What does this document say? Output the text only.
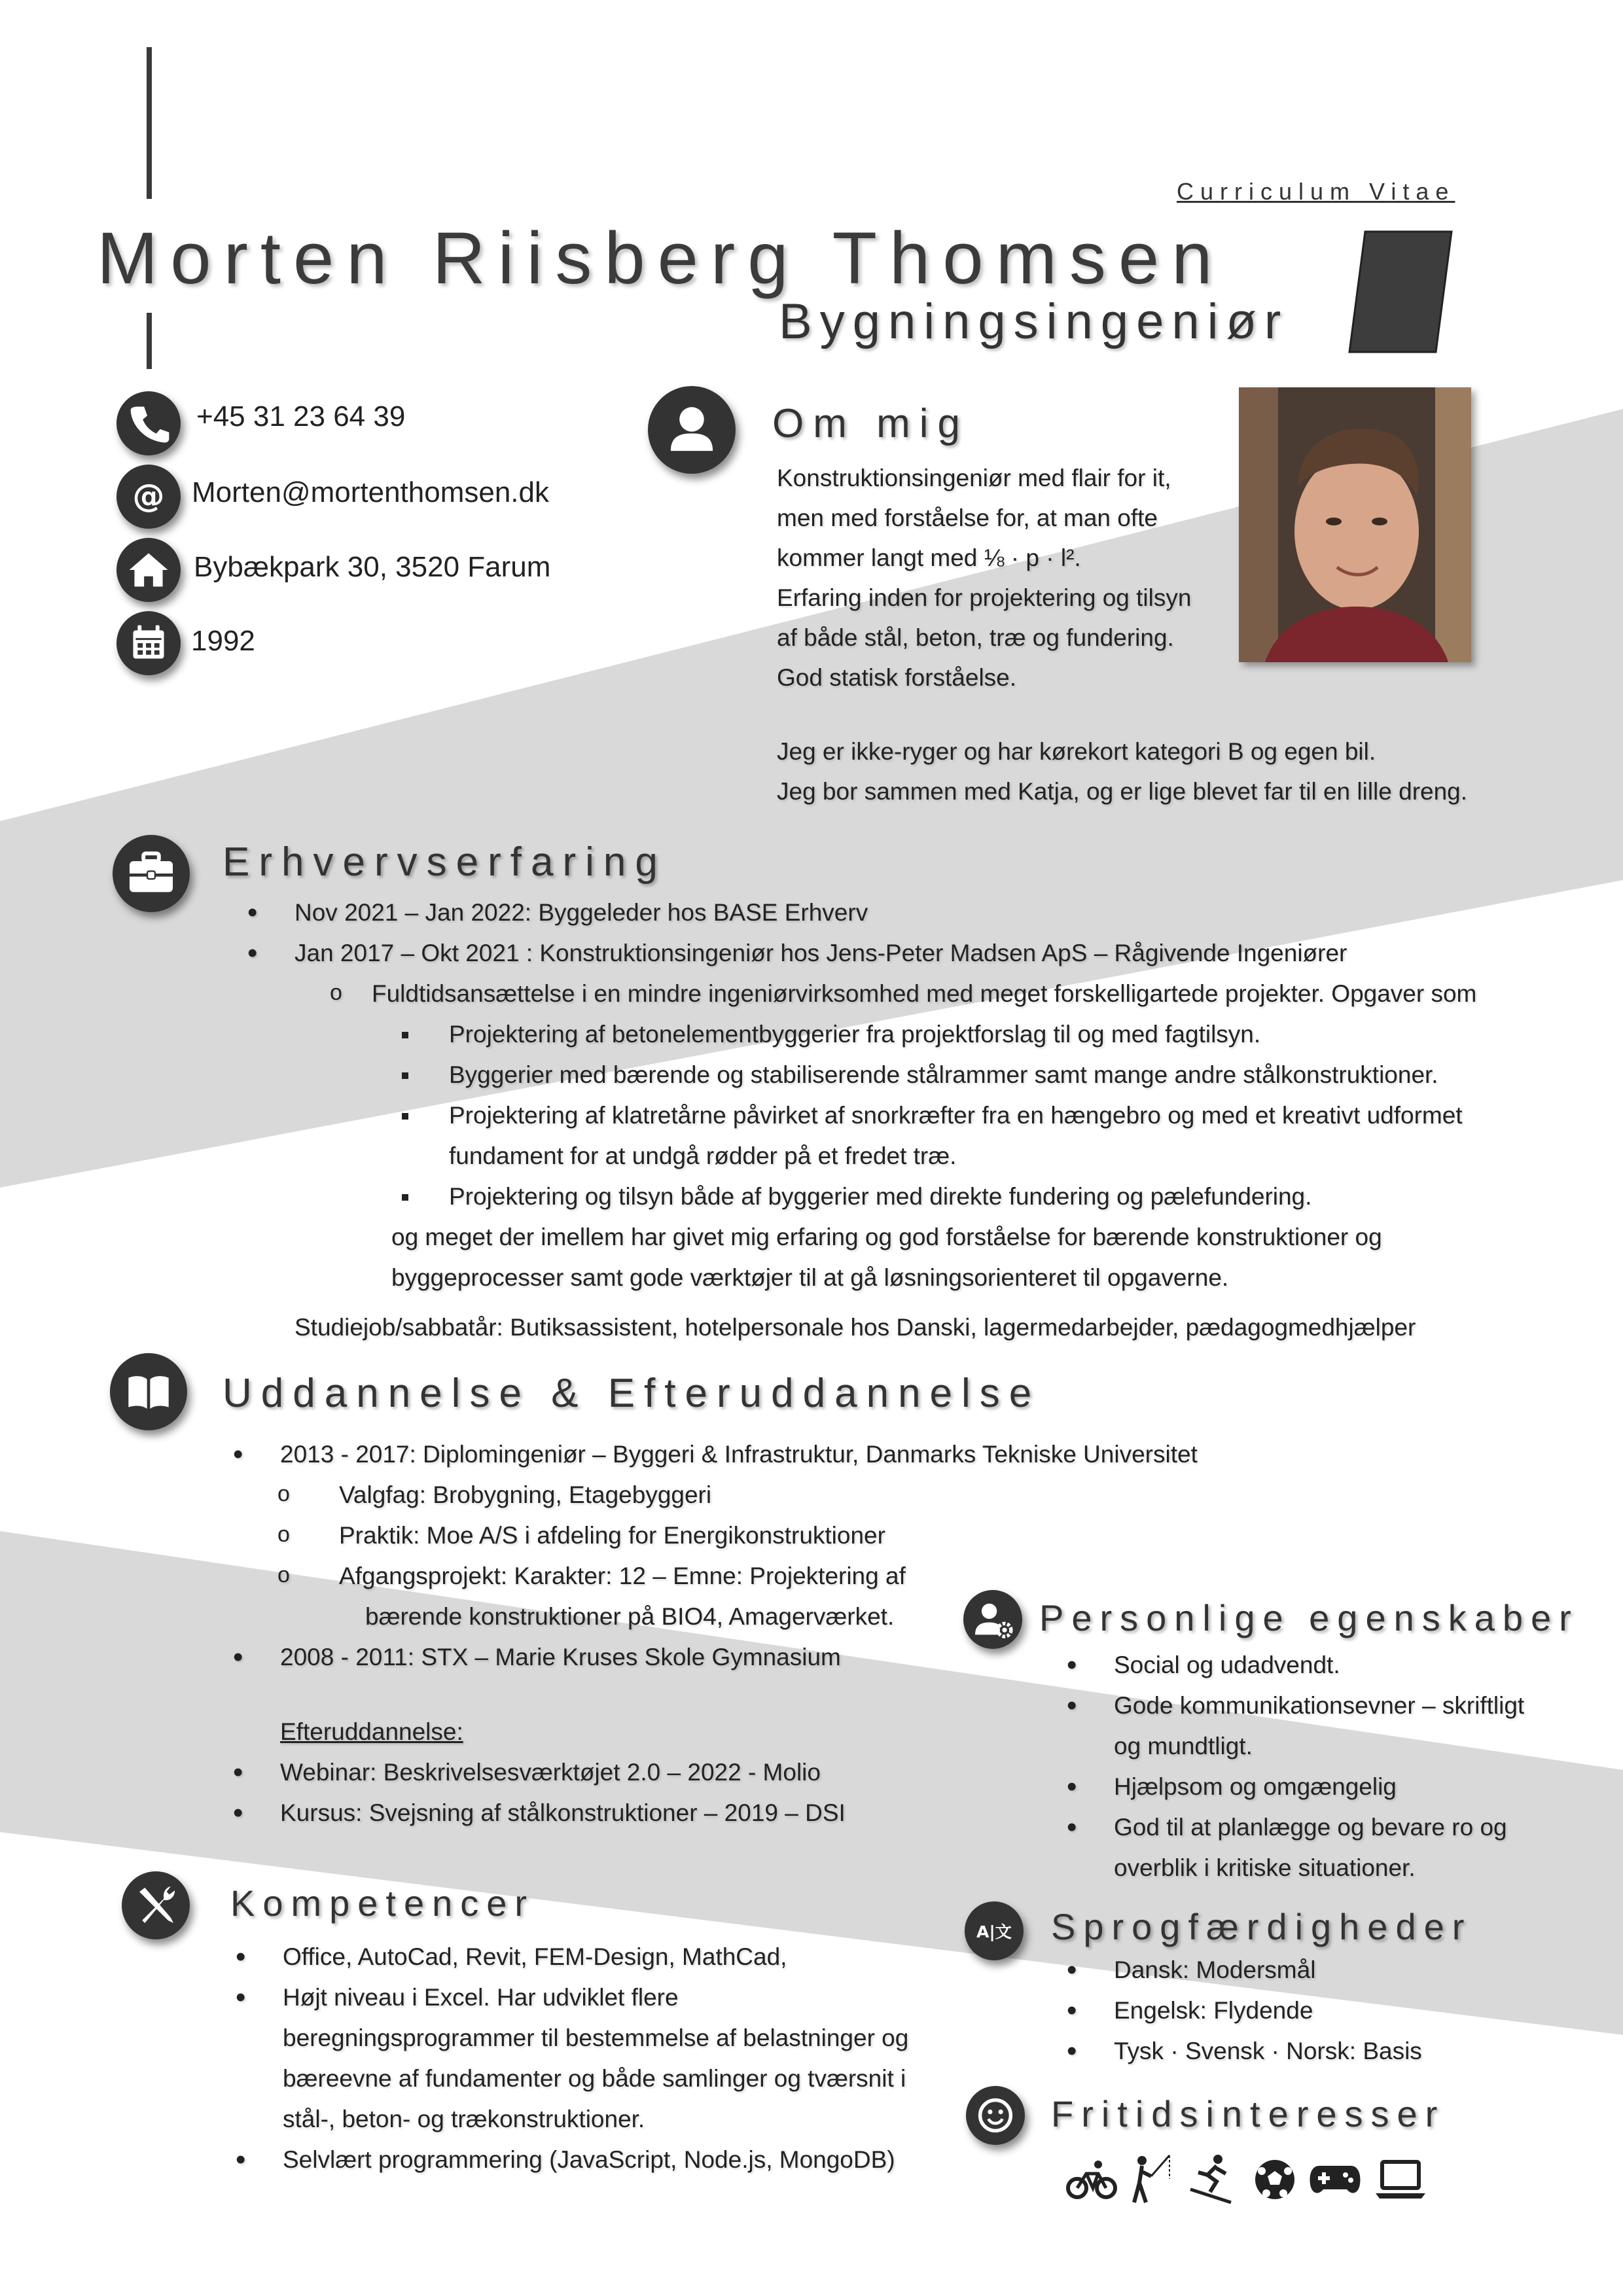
Curriculum Vitae
Morten Riisberg Thomsen
Bygningsingeniør
+45 31 23 64 39
@ Morten@mortenthomsen.dk
Bybækpark 30, 3520 Farum
1992
Om mig
Konstruktionsingeniør med flair for it,
men med forståelse for, at man ofte
kommer langt med ⅛ · p · l².
Erfaring inden for projektering og tilsyn
af både stål, beton, træ og fundering.
God statisk forståelse.
Jeg er ikke-ryger og har kørekort kategori B og egen bil.
Jeg bor sammen med Katja, og er lige blevet far til en lille dreng.
Erhvervserfaring
• Nov 2021 – Jan 2022: Byggeleder hos BASE Erhverv
• Jan 2017 – Okt 2021 : Konstruktionsingeniør hos Jens-Peter Madsen ApS – Rågivende Ingeniører
o Fuldtidsansættelse i en mindre ingeniørvirksomhed med meget forskelligartede projekter. Opgaver som
Projektering af betonelementbyggerier fra projektforslag til og med fagtilsyn.
Byggerier med bærende og stabiliserende stålrammer samt mange andre stålkonstruktioner.
Projektering af klatretårne påvirket af snorkræfter fra en hængebro og med et kreativt udformet
fundament for at undgå rødder på et fredet træ.
Projektering og tilsyn både af byggerier med direkte fundering og pælefundering.
og meget der imellem har givet mig erfaring og god forståelse for bærende konstruktioner og
byggeprocesser samt gode værktøjer til at gå løsningsorienteret til opgaverne.
Studiejob/sabbatår: Butiksassistent, hotelpersonale hos Danski, lagermedarbejder, pædagogmedhjælper
Uddannelse & Efteruddannelse
• 2013 - 2017: Diplomingeniør – Byggeri & Infrastruktur, Danmarks Tekniske Universitet
o Valgfag: Brobygning, Etagebyggeri
o Praktik: Moe A/S i afdeling for Energikonstruktioner
o Afgangsprojekt: Karakter: 12 – Emne: Projektering af
bærende konstruktioner på BIO4, Amagerværket.
• 2008 - 2011: STX – Marie Kruses Skole Gymnasium
Efteruddannelse:
• Webinar: Beskrivelsesværktøjet 2.0 – 2022 - Molio
• Kursus: Svejsning af stålkonstruktioner – 2019 – DSI
Personlige egenskaber
• Social og udadvendt.
• Gode kommunikationsevner – skriftligt
og mundtligt.
• Hjælpsom og omgængelig
• God til at planlægge og bevare ro og
overblik i kritiske situationer.
Kompetencer
• Office, AutoCad, Revit, FEM-Design, MathCad,
• Højt niveau i Excel. Har udviklet flere
beregningsprogrammer til bestemmelse af belastninger og
bæreevne af fundamenter og både samlinger og tværsnit i
stål-, beton- og trækonstruktioner.
• Selvlært programmering (JavaScript, Node.js, MongoDB)
A|文 Sprogfærdigheder
• Dansk: Modersmål
• Engelsk: Flydende
• Tysk · Svensk · Norsk: Basis
Fritidsinteresser
